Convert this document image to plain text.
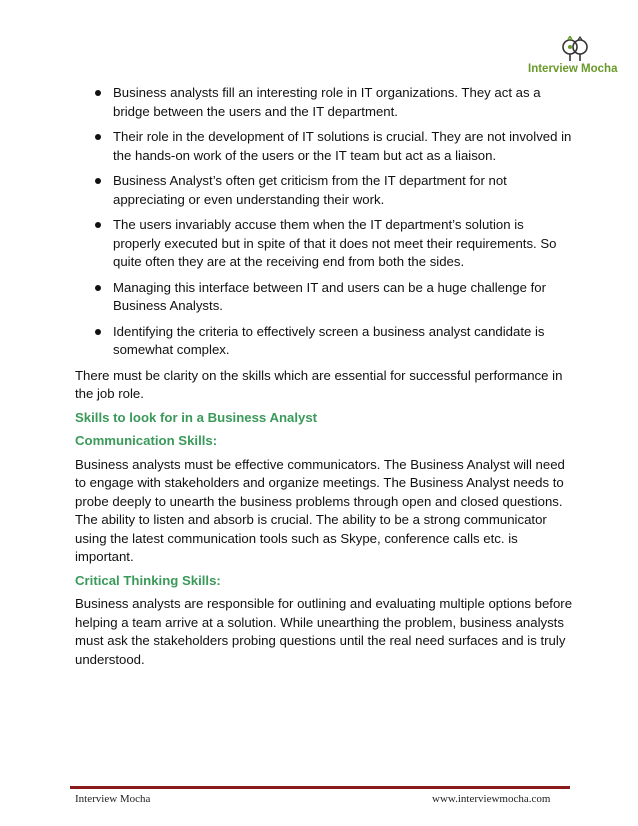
Interview Mocha
Business analysts fill an interesting role in IT organizations. They act as a bridge between the users and the IT department.
Their role in the development of IT solutions is crucial. They are not involved in the hands-on work of the users or the IT team but act as a liaison.
Business Analyst’s often get criticism from the IT department for not appreciating or even understanding their work.
The users invariably accuse them when the IT department’s solution is properly executed but in spite of that it does not meet their requirements. So quite often they are at the receiving end from both the sides.
Managing this interface between IT and users can be a huge challenge for Business Analysts.
Identifying the criteria to effectively screen a business analyst candidate is somewhat complex.

There must be clarity on the skills which are essential for successful performance in the job role.

Skills to look for in a Business Analyst

Communication Skills:

Business analysts must be effective communicators. The Business Analyst will need to engage with stakeholders and organize meetings. The Business Analyst needs to probe deeply to unearth the business problems through open and closed questions. The ability to listen and absorb is crucial. The ability to be a strong communicator using the latest communication tools such as Skype, conference calls etc. is important.

Critical Thinking Skills:

Business analysts are responsible for outlining and evaluating multiple options before helping a team arrive at a solution. While unearthing the problem, business analysts must ask the stakeholders probing questions until the real need surfaces and is truly understood.

Interview Mocha	www.interviewmocha.com
